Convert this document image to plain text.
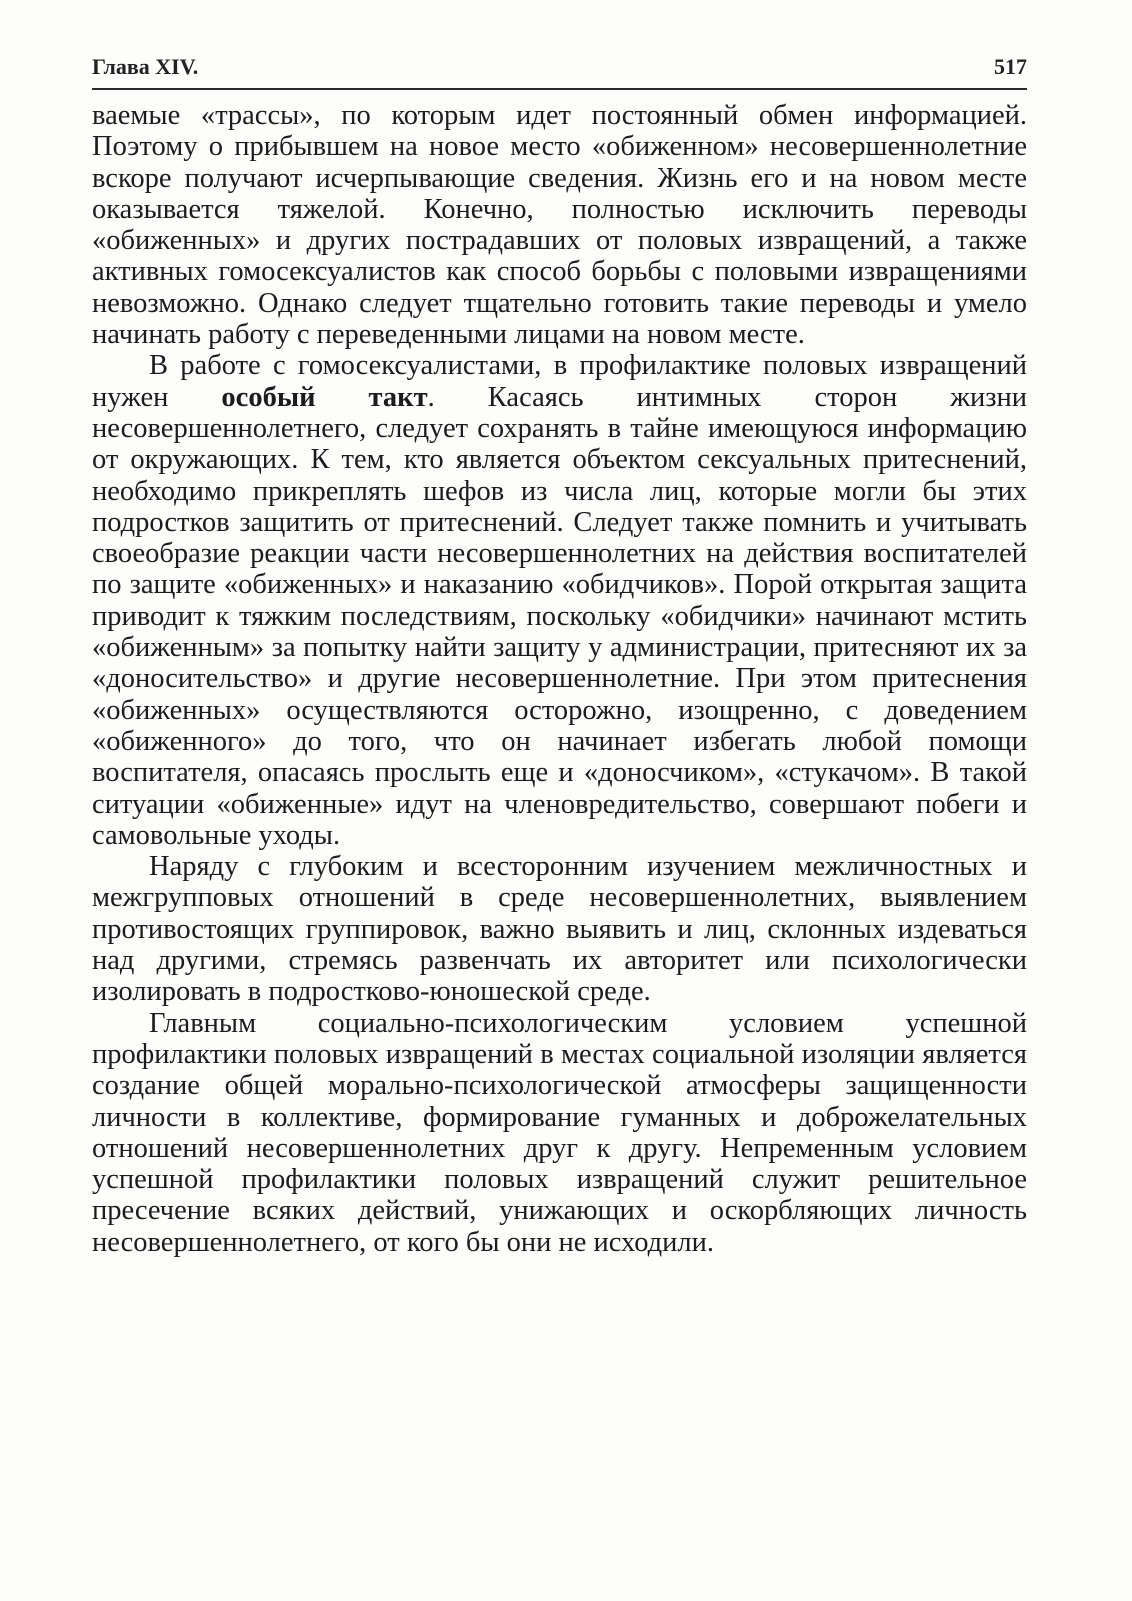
Глава XIV.	517

ваемые «трассы», по которым идет постоянный обмен информацией. Поэтому о прибывшем на новое место «обиженном» несовершеннолетние вскоре получают исчерпывающие сведения. Жизнь его и на новом месте оказывается тяжелой. Конечно, полностью исключить переводы «обиженных» и других пострадавших от половых извращений, а также активных гомосексуалистов как способ борьбы с половыми извращениями невозможно. Однако следует тщательно готовить такие переводы и умело начинать работу с переведенными лицами на новом месте.

В работе с гомосексуалистами, в профилактике половых извращений нужен особый такт. Касаясь интимных сторон жизни несовершеннолетнего, следует сохранять в тайне имеющуюся информацию от окружающих. К тем, кто является объектом сексуальных притеснений, необходимо прикреплять шефов из числа лиц, которые могли бы этих подростков защитить от притеснений. Следует также помнить и учитывать своеобразие реакции части несовершеннолетних на действия воспитателей по защите «обиженных» и наказанию «обидчиков». Порой открытая защита приводит к тяжким последствиям, поскольку «обидчики» начинают мстить «обиженным» за попытку найти защиту у администрации, притесняют их за «доносительство» и другие несовершеннолетние. При этом притеснения «обиженных» осуществляются осторожно, изощренно, с доведением «обиженного» до того, что он начинает избегать любой помощи воспитателя, опасаясь прослыть еще и «доносчиком», «стукачом». В такой ситуации «обиженные» идут на членовредительство, совершают побеги и самовольные уходы.

Наряду с глубоким и всесторонним изучением межличностных и межгрупповых отношений в среде несовершеннолетних, выявлением противостоящих группировок, важно выявить и лиц, склонных издеваться над другими, стремясь развенчать их авторитет или психологически изолировать в подростково-юношеской среде.

Главным социально-психологическим условием успешной профилактики половых извращений в местах социальной изоляции является создание общей морально-психологической атмосферы защищенности личности в коллективе, формирование гуманных и доброжелательных отношений несовершеннолетних друг к другу. Непременным условием успешной профилактики половых извращений служит решительное пресечение всяких действий, унижающих и оскорбляющих личность несовершеннолетнего, от кого бы они не исходили.
